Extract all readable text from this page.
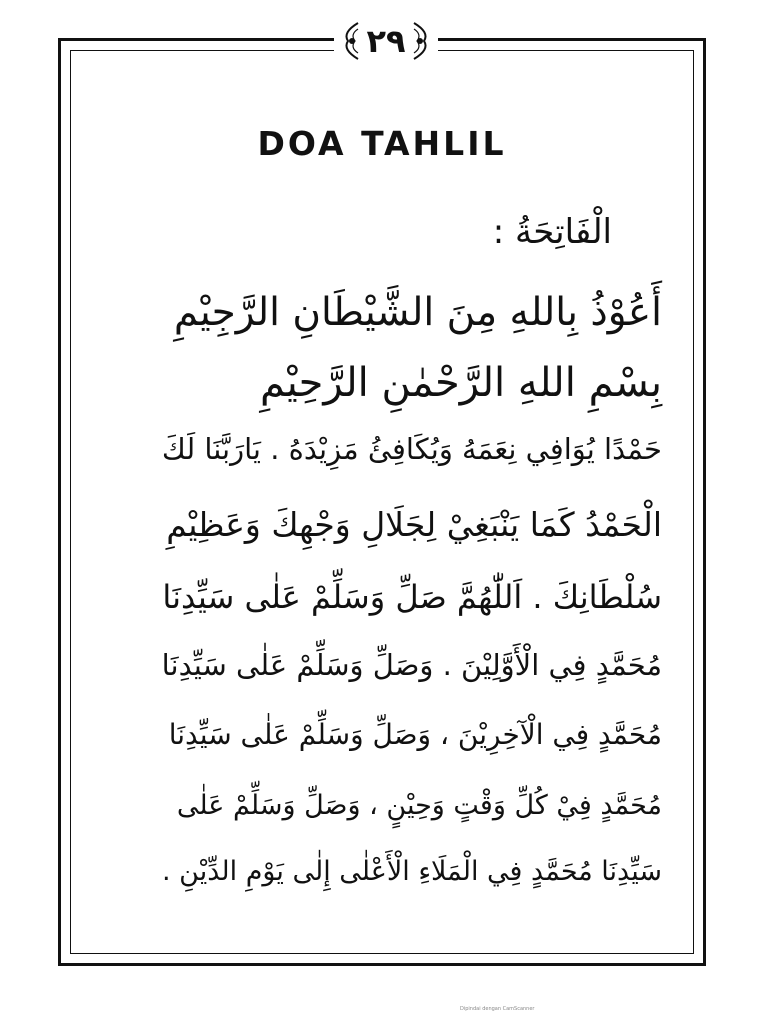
٢٩
DOA TAHLIL
الْفَاتِحَةُ :
أَعُوْذُ بِاللهِ مِنَ الشَّيْطَانِ الرَّجِيْمِ
بِسْمِ اللهِ الرَّحْمٰنِ الرَّحِيْمِ
حَمْدًا يُوَافِي نِعَمَهُ وَيُكَافِئُ مَزِيْدَهُ . يَارَبَّنَا لَكَ
الْحَمْدُ كَمَا يَنْبَغِيْ لِجَلَالِ وَجْهِكَ وَعَظِيْمِ
سُلْطَانِكَ . اَللّٰهُمَّ صَلِّ وَسَلِّمْ عَلٰى سَيِّدِنَا
مُحَمَّدٍ فِي الْأَوَّلِيْنَ . وَصَلِّ وَسَلِّمْ عَلٰى سَيِّدِنَا
مُحَمَّدٍ فِي الْآخِرِيْنَ ، وَصَلِّ وَسَلِّمْ عَلٰى سَيِّدِنَا
مُحَمَّدٍ فِيْ كُلِّ وَقْتٍ وَحِيْنٍ ، وَصَلِّ وَسَلِّمْ عَلٰى
سَيِّدِنَا مُحَمَّدٍ فِي الْمَلَاءِ الْأَعْلٰى إِلٰى يَوْمِ الدِّيْنِ .
Dipindai dengan CamScanner
